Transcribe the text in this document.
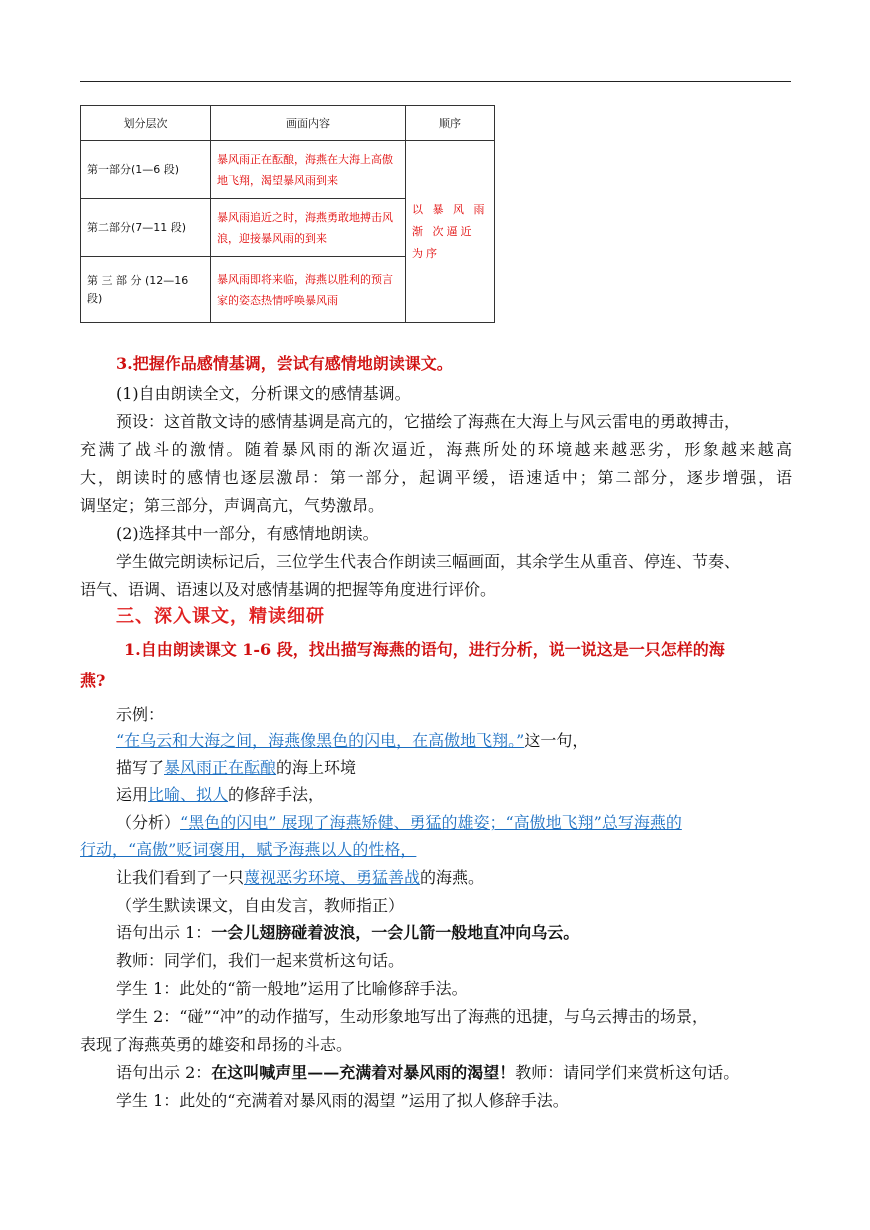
划分层次	画面内容	顺序
第一部分(1—6 段)	暴风雨正在酝酿，海燕在大海上高傲地飞翔，渴望暴风雨到来	以 暴 风 雨 渐 次逼近为序
第二部分(7—11 段)	暴风雨追近之时，海燕勇敢地搏击风浪，迎接暴风雨的到来	
第 三 部 分 (12—16 段)	暴风雨即将来临，海燕以胜利的预言家的姿态热情呼唤暴风雨	
3.把握作品感情基调，尝试有感情地朗读课文。
(1)自由朗读全文，分析课文的感情基调。
预设：这首散文诗的感情基调是高亢的，它描绘了海燕在大海上与风云雷电的勇敢搏击，
充满了战斗的激情。随着暴风雨的渐次逼近，海燕所处的环境越来越恶劣，形象越来越高
大，朗读时的感情也逐层激昂：第一部分，起调平缓，语速适中；第二部分，逐步增强，语
调坚定；第三部分，声调高亢，气势激昂。
(2)选择其中一部分，有感情地朗读。
学生做完朗读标记后，三位学生代表合作朗读三幅画面，其余学生从重音、停连、节奏、
语气、语调、语速以及对感情基调的把握等角度进行评价。
三、深入课文，精读细研
1.自由朗读课文 1-6 段，找出描写海燕的语句，进行分析，说一说这是一只怎样的海
燕?
示例：
“在乌云和大海之间，海燕像黑色的闪电，在高傲地飞翔。”这一句，
描写了暴风雨正在酝酿的海上环境
运用比喻、拟人的修辞手法，
（分析）“黑色的闪电” 展现了海燕矫健、勇猛的雄姿；“高傲地飞翔”总写海燕的
行动，“高傲”贬词褒用，赋予海燕以人的性格，
让我们看到了一只蔑视恶劣环境、勇猛善战的海燕。
（学生默读课文，自由发言，教师指正）
语句出示 1：一会儿翅膀碰着波浪，一会儿箭一般地直冲向乌云。
教师：同学们，我们一起来赏析这句话。
学生 1：此处的“箭一般地”运用了比喻修辞手法。
学生 2：“碰”“冲”的动作描写，生动形象地写出了海燕的迅捷，与乌云搏击的场景，
表现了海燕英勇的雄姿和昂扬的斗志。
语句出示 2：在这叫喊声里——充满着对暴风雨的渴望！教师：请同学们来赏析这句话。
学生 1：此处的“充满着对暴风雨的渴望 ”运用了拟人修辞手法。
